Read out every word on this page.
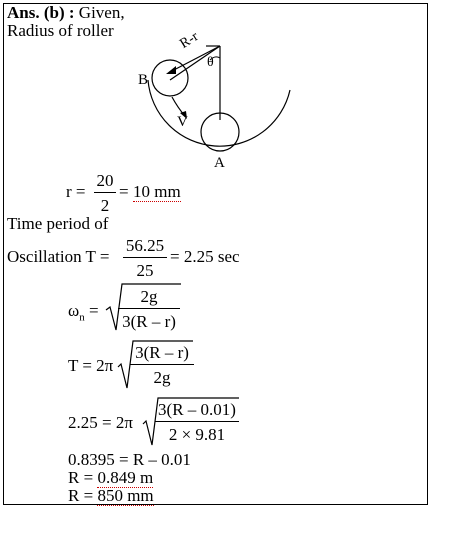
Ans. (b) : Given,
Radius of roller	R-r
θ
B
V
A
r =
20
2
= 10 mm
Time period of
Oscillation T =
56.25
25
= 2.25 sec
$\omega_n$ =
2g
3(R – r)
T = 2π
3(R – r)
2g
2.25 = 2π
3(R – 0.01)
2 × 9.81
0.8395 = R – 0.01
R = 0.849 m
R = 850 mm
